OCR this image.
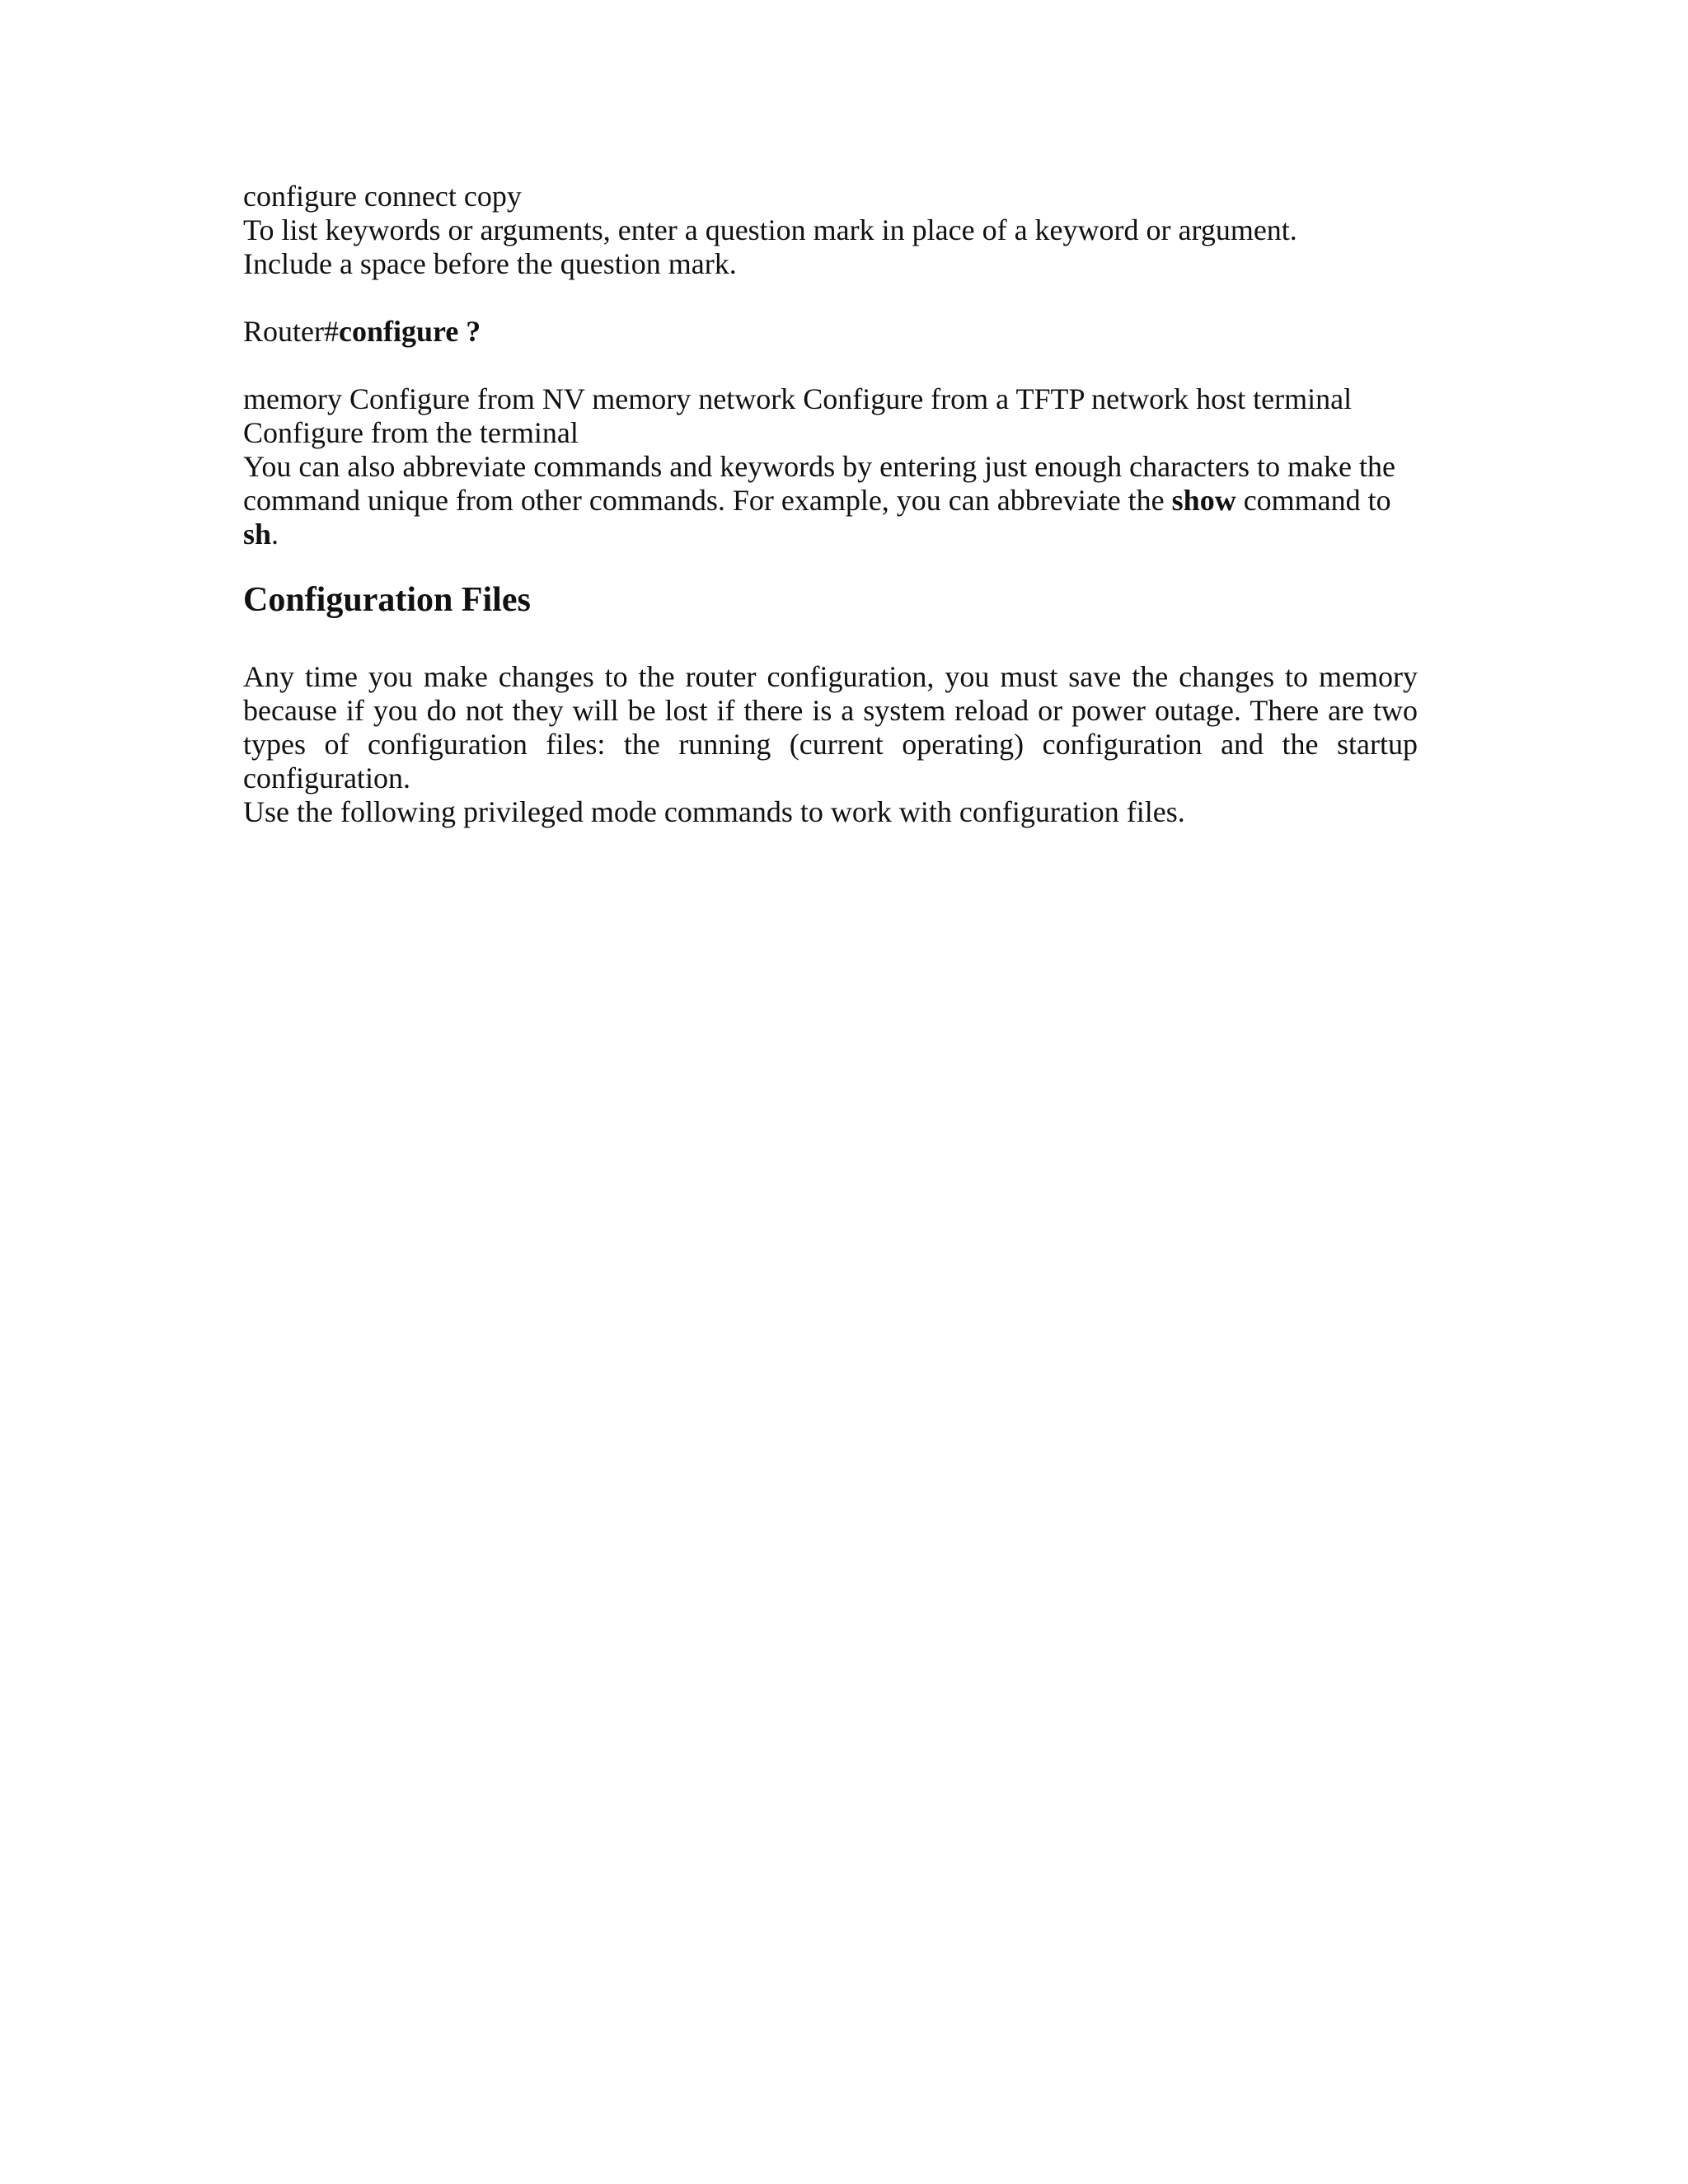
configure connect copy

To list keywords or arguments, enter a question mark in place of a keyword or argument.
Include a space before the question mark.

Router#configure ?

memory Configure from NV memory network Configure from a TFTP network host terminal Configure from the terminal

You can also abbreviate commands and keywords by entering just enough characters to make the command unique from other commands. For example, you can abbreviate the show command to sh.

Configuration Files

Any time you make changes to the router configuration, you must save the changes to memory because if you do not they will be lost if there is a system reload or power outage. There are two types of configuration files: the running (current operating) configuration and the startup configuration.

Use the following privileged mode commands to work with configuration files.
